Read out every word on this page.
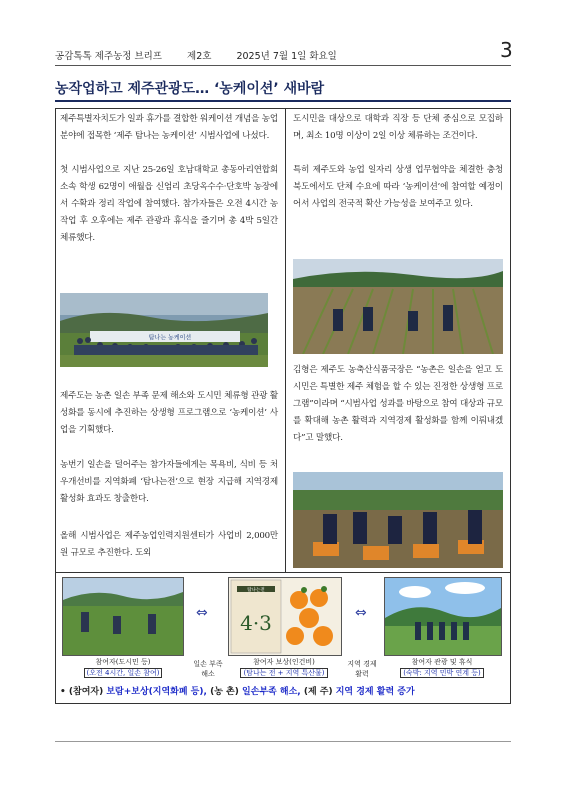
공감톡톡 제주농정 브리프	제2호	2025년 7월 1일 화요일	3
농작업하고 제주관광도… ‘농케이션’ 새바람
제주특별자치도가 일과 휴가를 결합한 워케이션 개념을 농업 분야에 접목한 ‘제주 탐나는 농케이션’ 시범사업에 나섰다.
첫 시범사업으로 지난 25-26일 호남대학교 총동아리연합회 소속 학생 62명이 애월읍 신엄리 초당옥수수·단호박 농장에서 수확과 정리 작업에 참여했다. 참가자들은 오전 4시간 농작업 후 오후에는 제주 관광과 휴식을 즐기며 총 4박 5일간 체류했다.
탐나는 농케이션
제주도는 농촌 일손 부족 문제 해소와 도시민 체류형 관광 활성화를 동시에 추진하는 상생형 프로그램으로 ‘농케이션’ 사업을 기획했다.
농번기 일손을 덜어주는 참가자들에게는 목욕비, 식비 등 처우개선비를 지역화폐 ‘탐나는전’으로 현장 지급해 지역경제 활성화 효과도 창출한다.
올해 시범사업은 제주농업인력지원센터가 사업비 2,000만원 규모로 추진한다. 도외
도시민을 대상으로 대학과 직장 등 단체 중심으로 모집하며, 최소 10명 이상이 2일 이상 체류하는 조건이다.
특히 제주도와 농업 일자리 상생 업무협약을 체결한 충청북도에서도 단체 수요에 따라 ‘농케이션’에 참여할 예정이어서 사업의 전국적 확산 가능성을 보여주고 있다.
김형은 제주도 농축산식품국장은 “농촌은 일손을 얻고 도시민은 특별한 제주 체험을 할 수 있는 진정한 상생형 프로그램”이라며 “시범사업 성과를 바탕으로 참여 대상과 규모를 확대해 농촌 활력과 지역경제 활성화를 함께 이뤄내겠다”고 말했다.
참여자(도시민 등)
(오전 4시간, 일손 참여)
⇔
일손 부족
해소
탐나는전
4·3
참여자 보상(인건비)
(탐나는 전 + 지역 특산물)
⇔
지역 경제
활력
참여자 관광 및 휴식
(숙박: 지역 민박 연계 등)
• (참여자) 보람+보상(지역화폐 등), (농 촌) 일손부족 해소, (제 주) 지역 경제 활력 증가
